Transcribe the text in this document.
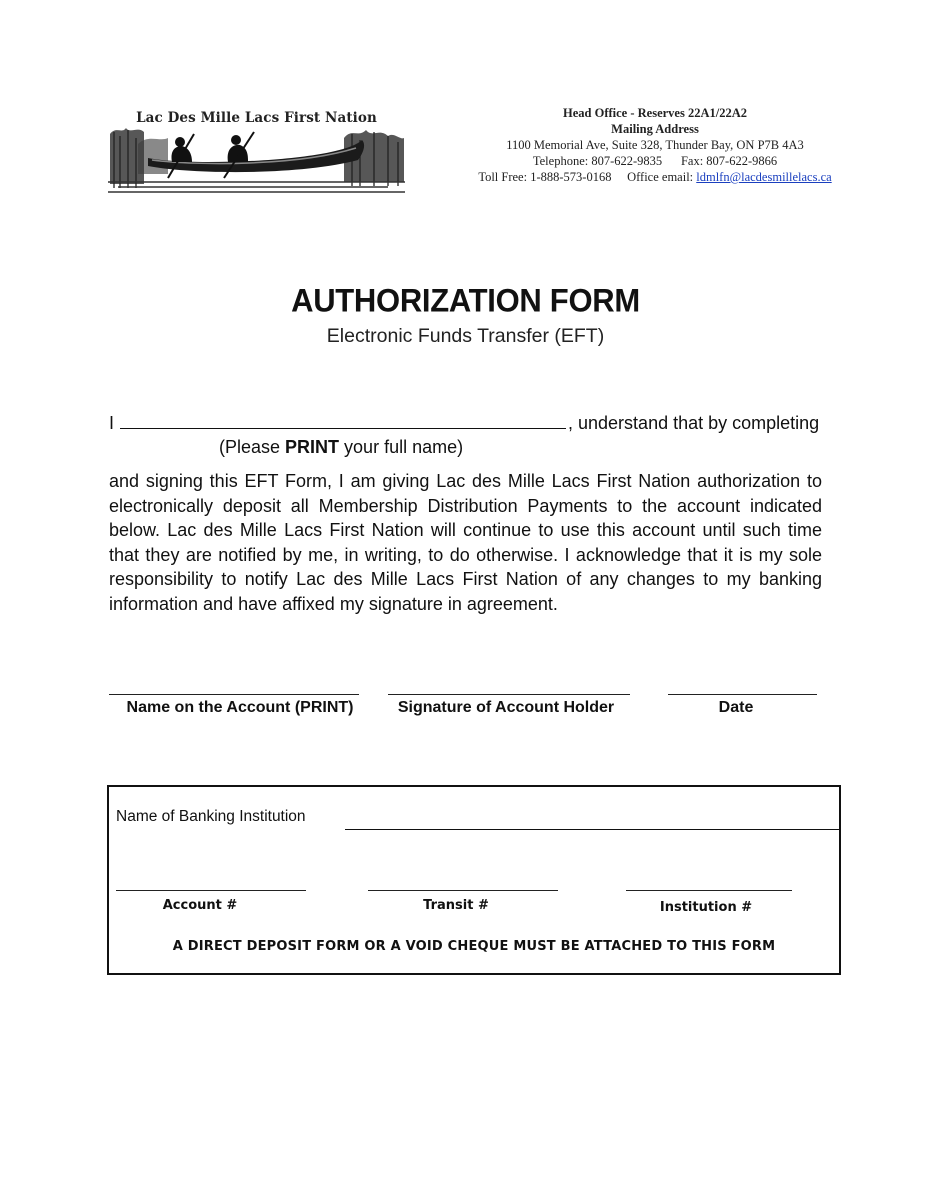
Lac Des Mille Lacs First Nation	Head Office - Reserves 22A1/22A2
Mailing Address
1100 Memorial Ave, Suite 328, Thunder Bay, ON P7B 4A3
Telephone: 807-622-9835 Fax: 807-622-9866
Toll Free: 1-888-573-0168 Office email: ldmlfn@lacdesmillelacs.ca
AUTHORIZATION FORM
Electronic Funds Transfer (EFT)
I	, understand that by completing
(Please PRINT your full name)
and signing this EFT Form, I am giving Lac des Mille Lacs First Nation authorization to electronically deposit all Membership Distribution Payments to the account indicated below. Lac des Mille Lacs First Nation will continue to use this account until such time that they are notified by me, in writing, to do otherwise. I acknowledge that it is my sole responsibility to notify Lac des Mille Lacs First Nation of any changes to my banking information and have affixed my signature in agreement.
Name on the Account (PRINT)	Signature of Account Holder	Date
Name of Banking Institution
Account #	Transit #	Institution #
A DIRECT DEPOSIT FORM OR A VOID CHEQUE MUST BE ATTACHED TO THIS FORM
